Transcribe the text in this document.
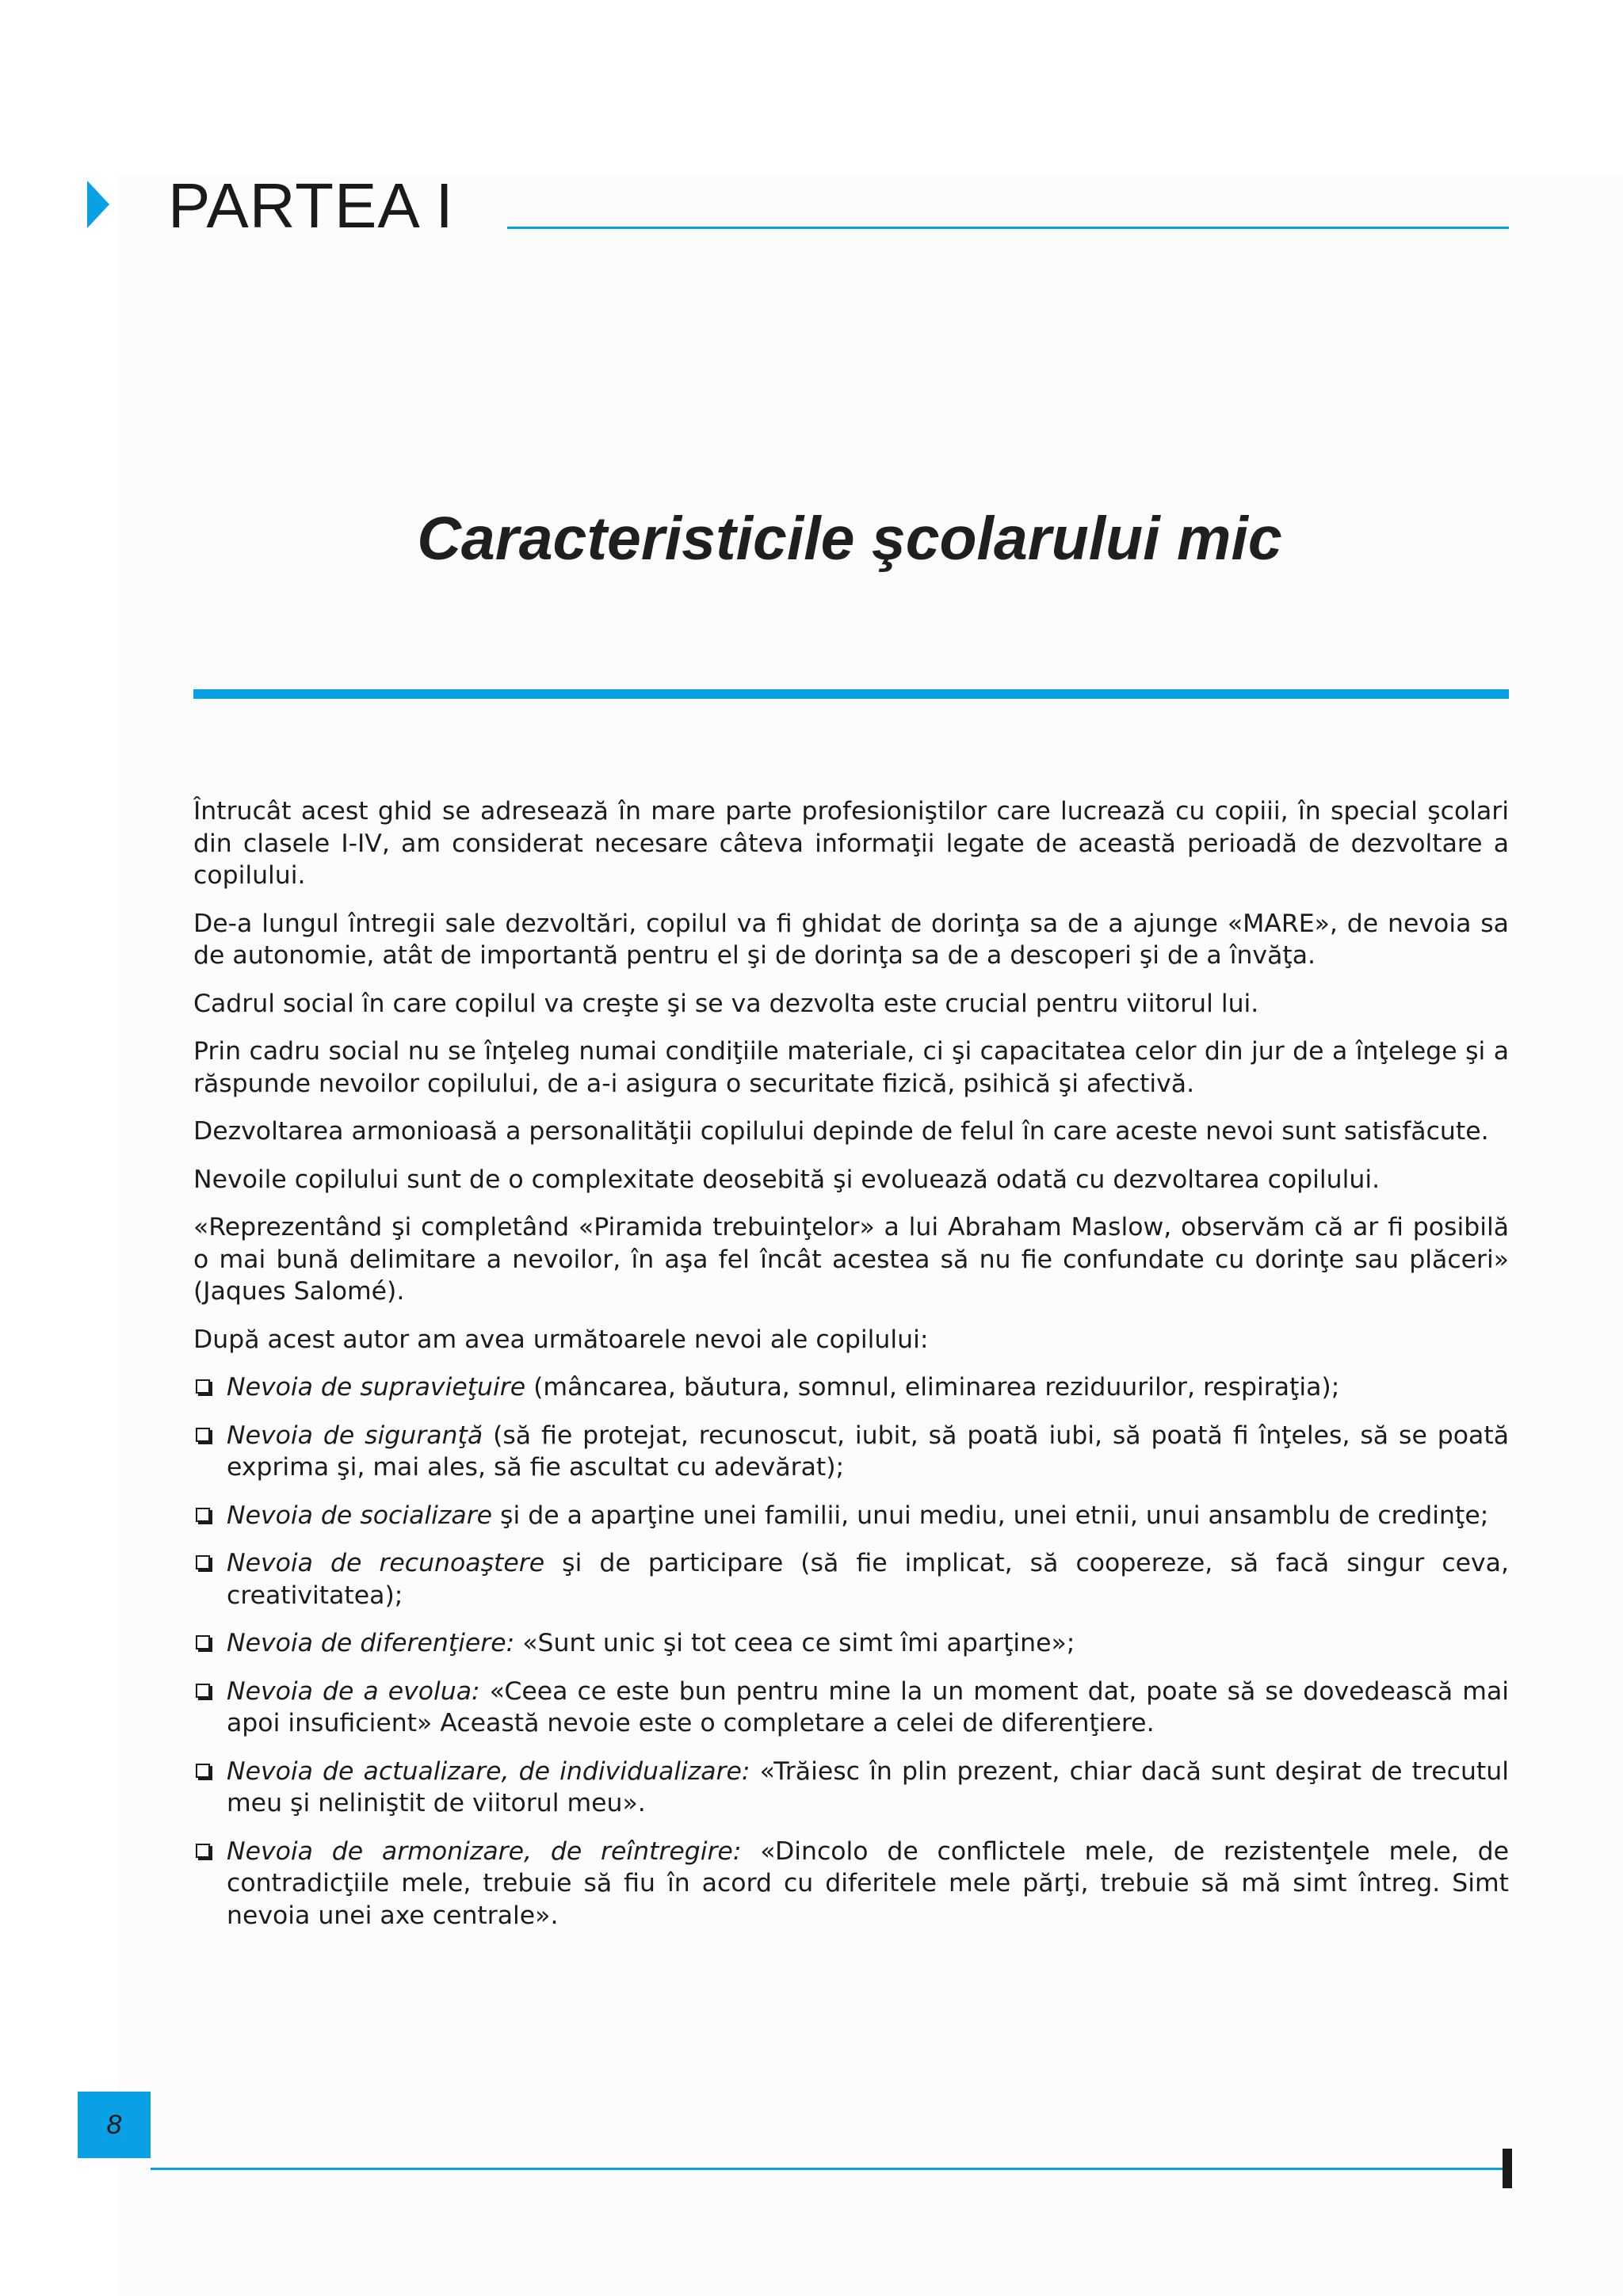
PARTEA I
Caracteristicile şcolarului mic

Întrucât acest ghid se adresează în mare parte profesioniştilor care lucrează cu copiii, în special şcolari din clasele I-IV, am considerat necesare câteva informaţii legate de această perioadă de dezvoltare a copilului.

De-a lungul întregii sale dezvoltări, copilul va fi ghidat de dorinţa sa de a ajunge «MARE», de nevoia sa de autonomie, atât de importantă pentru el şi de dorinţa sa de a descoperi şi de a învăţa.

Cadrul social în care copilul va creşte şi se va dezvolta este crucial pentru viitorul lui.

Prin cadru social nu se înţeleg numai condiţiile materiale, ci şi capacitatea celor din jur de a înţelege şi a răspunde nevoilor copilului, de a-i asigura o securitate fizică, psihică şi afectivă.

Dezvoltarea armonioasă a personalităţii copilului depinde de felul în care aceste nevoi sunt satisfăcute.

Nevoile copilului sunt de o complexitate deosebită şi evoluează odată cu dezvoltarea copilului.

«Reprezentând şi completând «Piramida trebuinţelor» a lui Abraham Maslow, observăm că ar fi posibilă o mai bună delimitare a nevoilor, în aşa fel încât acestea să nu fie confundate cu dorinţe sau plăceri» (Jaques Salomé).

După acest autor am avea următoarele nevoi ale copilului:

Nevoia de supravieţuire (mâncarea, băutura, somnul, eliminarea reziduurilor, respiraţia);
Nevoia de siguranţă (să fie protejat, recunoscut, iubit, să poată iubi, să poată fi înţeles, să se poată exprima şi, mai ales, să fie ascultat cu adevărat);
Nevoia de socializare şi de a aparţine unei familii, unui mediu, unei etnii, unui ansamblu de credinţe;
Nevoia de recunoaştere şi de participare (să fie implicat, să coopereze, să facă singur ceva, creativitatea);
Nevoia de diferenţiere: «Sunt unic şi tot ceea ce simt îmi aparţine»;
Nevoia de a evolua: «Ceea ce este bun pentru mine la un moment dat, poate să se dovedească mai apoi insuficient» Această nevoie este o completare a celei de diferenţiere.
Nevoia de actualizare, de individualizare: «Trăiesc în plin prezent, chiar dacă sunt deşirat de trecutul meu şi neliniştit de viitorul meu».
Nevoia de armonizare, de reîntregire: «Dincolo de conflictele mele, de rezistenţele mele, de contradicţiile mele, trebuie să fiu în acord cu diferitele mele părţi, trebuie să mă simt întreg. Simt nevoia unei axe centrale».
8
